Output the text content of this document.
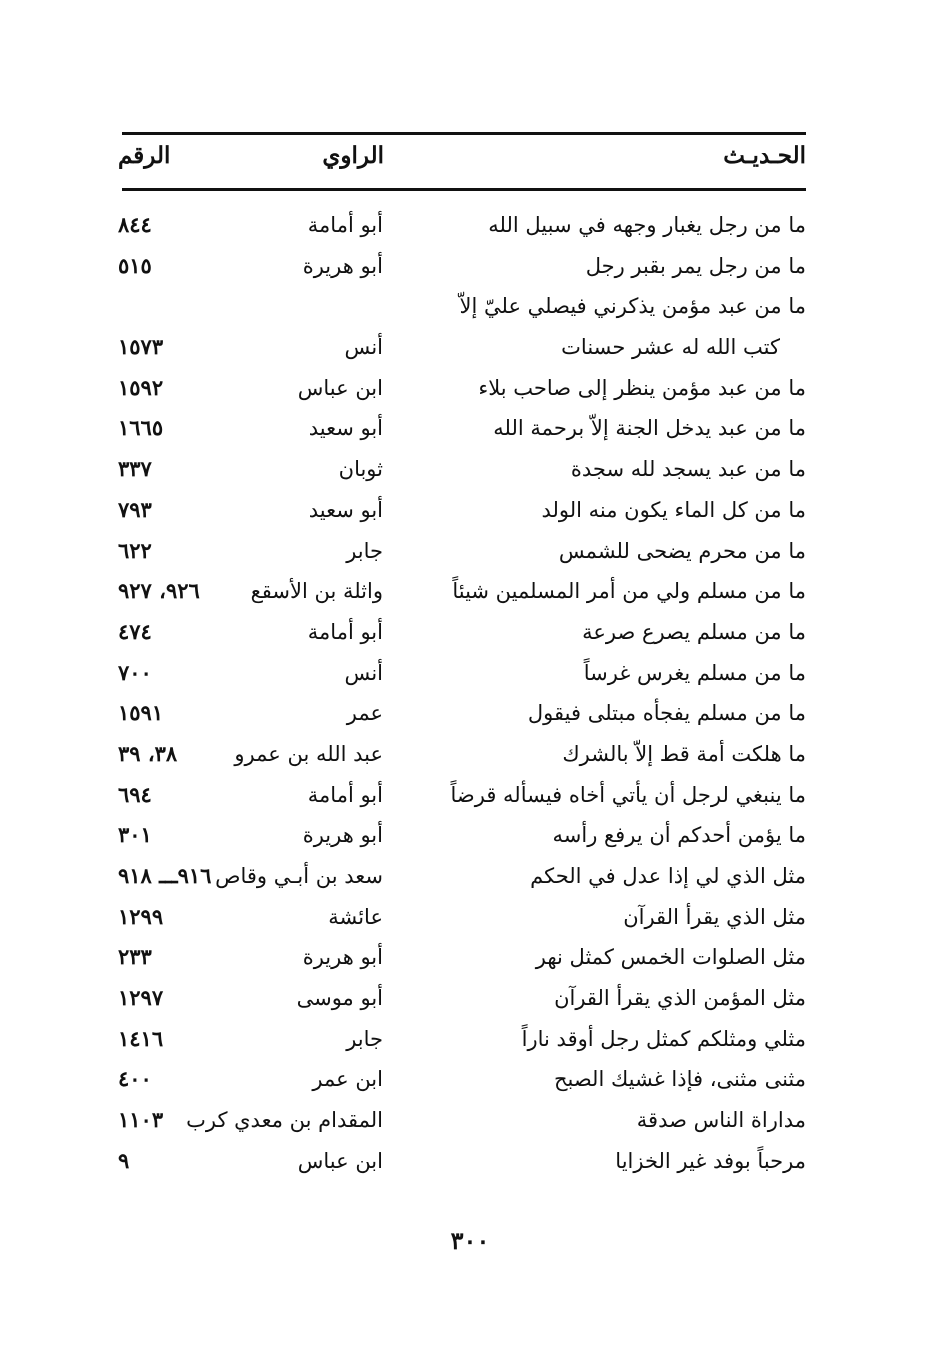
الحـديـث
الراوي
الرقم
ما من رجل يغبار وجهه في سبيل الله
أبو أمامة
٨٤٤
ما من رجل يمر بقبر رجل
أبو هريرة
٥١٥
ما من عبد مؤمن يذكرني فيصلي عليّ إلاّ
كتب الله له عشر حسنات
أنس
١٥٧٣
ما من عبد مؤمن ينظر إلى صاحب بلاء
ابن عباس
١٥٩٢
ما من عبد يدخل الجنة إلاّ برحمة الله
أبو سعيد
١٦٦٥
ما من عبد يسجد لله سجدة
ثوبان
٣٣٧
ما من كل الماء يكون منه الولد
أبو سعيد
٧٩٣
ما من محرم يضحى للشمس
جابر
٦٢٢
ما من مسلم ولي من أمر المسلمين شيئاً
واثلة بن الأسقع
٩٢٦، ٩٢٧
ما من مسلم يصرع صرعة
أبو أمامة
٤٧٤
ما من مسلم يغرس غرساً
أنس
٧٠٠
ما من مسلم يفجأه مبتلى فيقول
عمر
١٥٩١
ما هلكت أمة قط إلاّ بالشرك
عبد الله بن عمرو
٣٨، ٣٩
ما ينبغي لرجل أن يأتي أخاه فيسأله قرضاً
أبو أمامة
٦٩٤
ما يؤمن أحدكم أن يرفع رأسه
أبو هريرة
٣٠١
مثل الذي لي إذا عدل في الحكم
سعد بن أبـي وقاص
٩١٦ـــ ٩١٨
مثل الذي يقرأ القرآن
عائشة
١٢٩٩
مثل الصلوات الخمس كمثل نهر
أبو هريرة
٢٣٣
مثل المؤمن الذي يقرأ القرآن
أبو موسى
١٢٩٧
مثلي ومثلكم كمثل رجل أوقد ناراً
جابر
١٤١٦
مثنى مثنى، فإذا غشيك الصبح
ابن عمر
٤٠٠
مداراة الناس صدقة
المقدام بن معدي كرب
١١٠٣
مرحباً بوفد غير الخزايا
ابن عباس
٩
٣٠٠
